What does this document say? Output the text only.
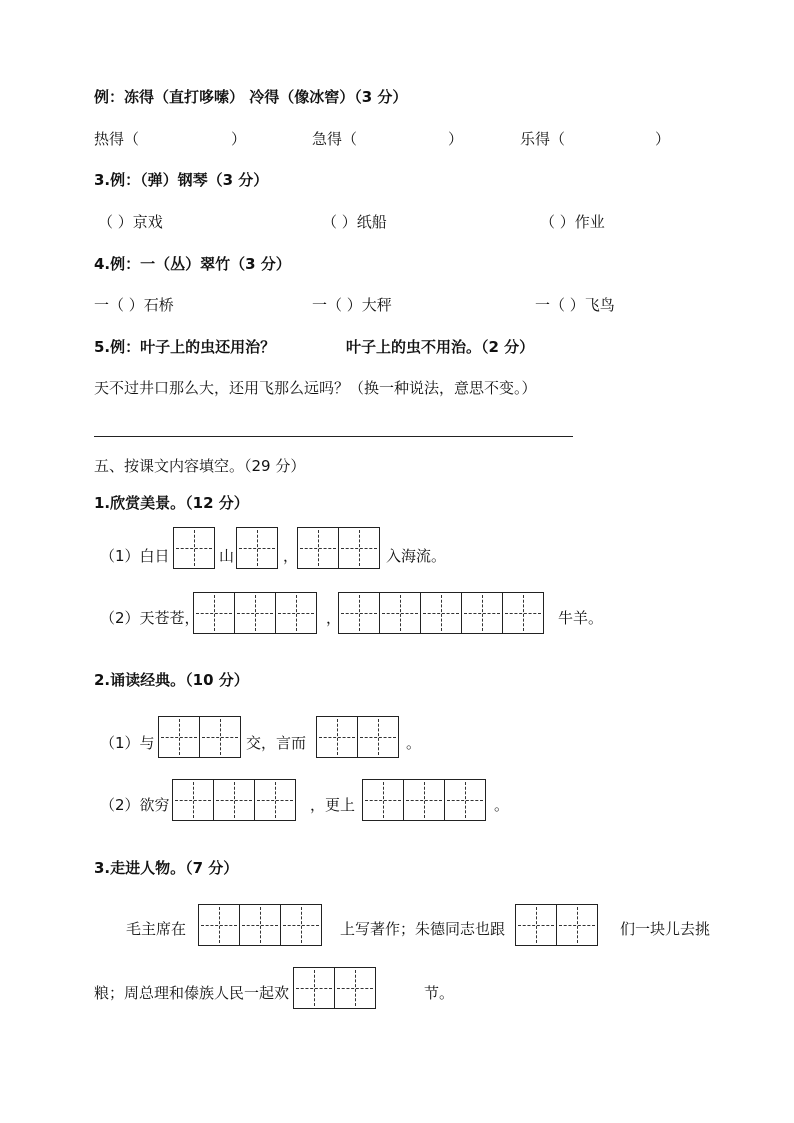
例：冻得（直打哆嗦） 冷得（像冰窖）（3 分）
热得（	）	急得（	）	乐得（	）
3.例：（弹）钢琴（3 分）
（ ）京戏	（ ）纸船	（ ）作业
4.例：一（丛）翠竹（3 分）
一（ ）石桥	一（ ）大秤	一（ ）飞鸟
5.例：叶子上的虫还用治？	叶子上的虫不用治。（2 分）
天不过井口那么大，还用飞那么远吗？（换一种说法，意思不变。）
五、按课文内容填空。（29 分）
1.欣赏美景。（12 分）
（1）白日	山	，	入海流。
（2）天苍苍，	，	牛羊。
2.诵读经典。（10 分）
（1）与	交，言而	。
（2）欲穷	，更上	。
3.走进人物。（7 分）
毛主席在	上写著作；朱德同志也跟	们一块儿去挑
粮；周总理和傣族人民一起欢	节。
